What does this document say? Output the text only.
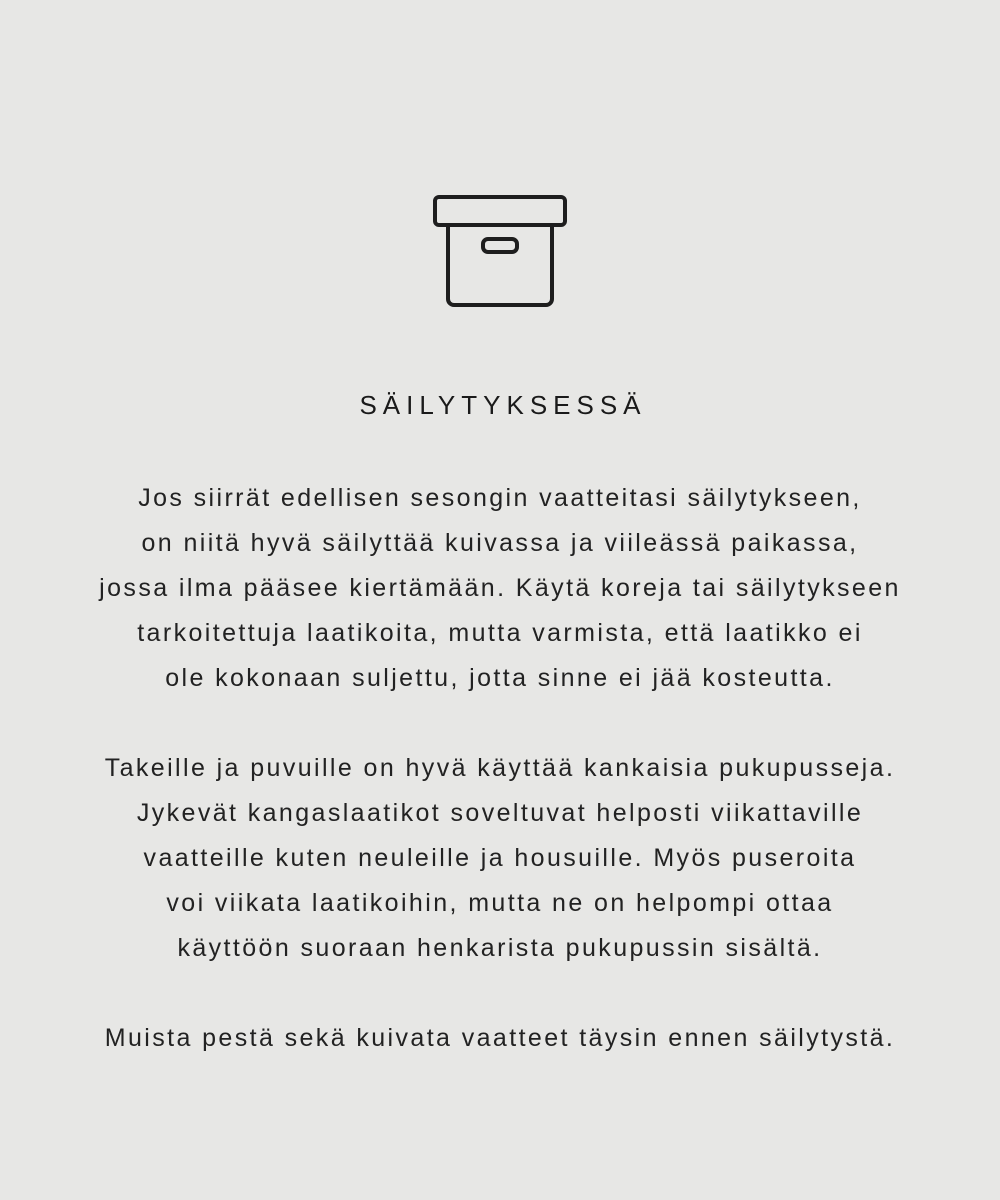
SÄILYTYKSESSÄ

Jos siirrät edellisen sesongin vaatteitasi säilytykseen,
on niitä hyvä säilyttää kuivassa ja viileässä paikassa,
jossa ilma pääsee kiertämään. Käytä koreja tai säilytykseen
tarkoitettuja laatikoita, mutta varmista, että laatikko ei
ole kokonaan suljettu, jotta sinne ei jää kosteutta.

Takeille ja puvuille on hyvä käyttää kankaisia pukupusseja.
Jykevät kangaslaatikot soveltuvat helposti viikattaville
vaatteille kuten neuleille ja housuille. Myös puseroita
voi viikata laatikoihin, mutta ne on helpompi ottaa
käyttöön suoraan henkarista pukupussin sisältä.

Muista pestä sekä kuivata vaatteet täysin ennen säilytystä.
